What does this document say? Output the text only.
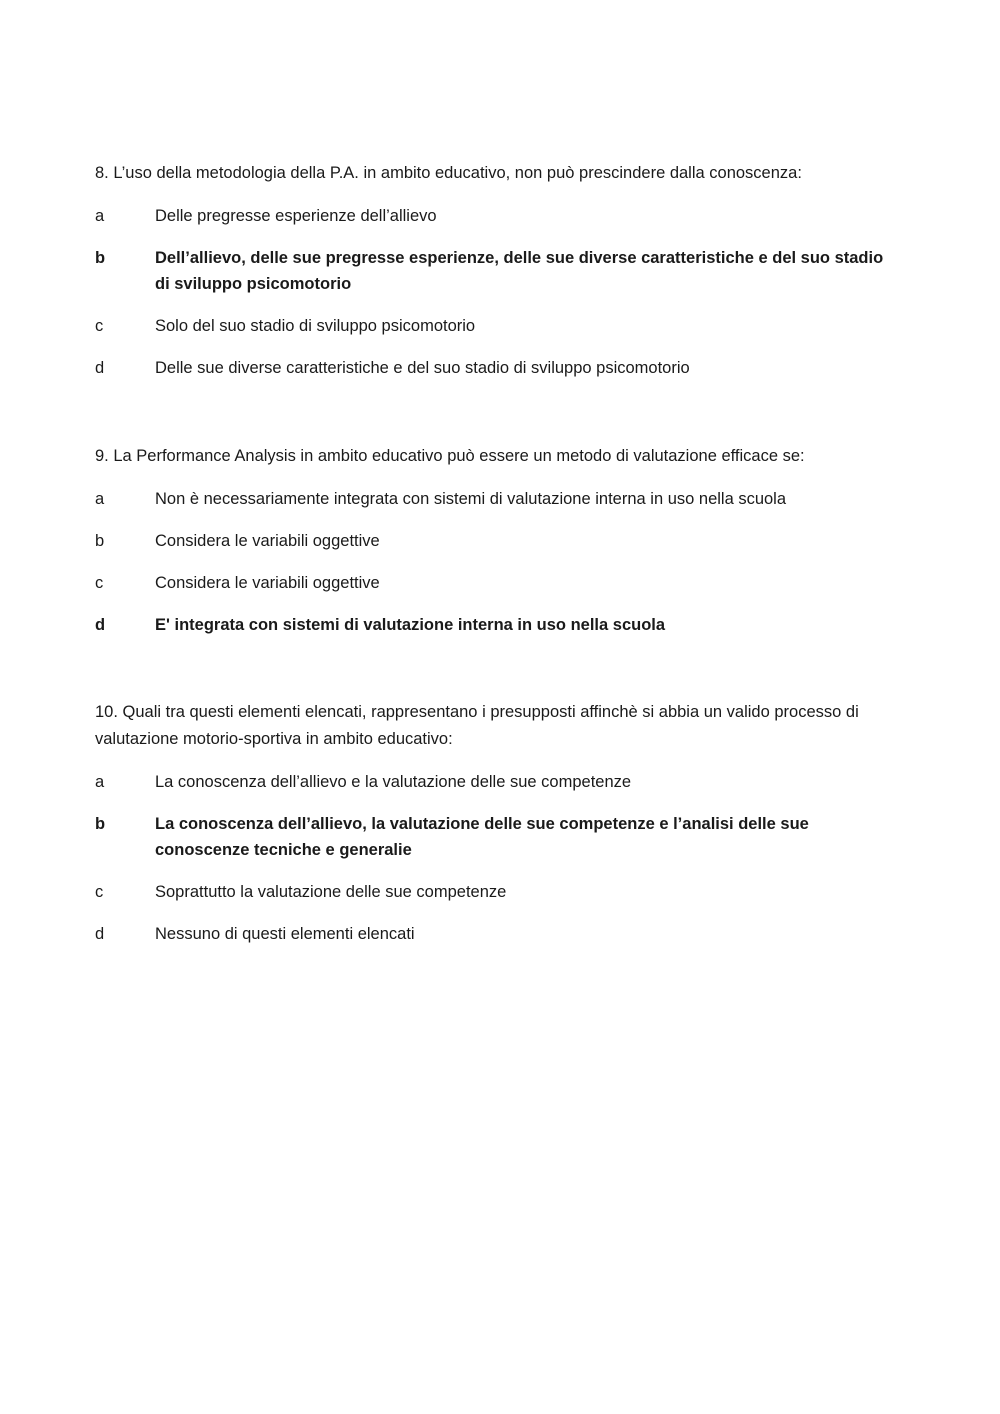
8. L’uso della metodologia della P.A. in ambito educativo, non può prescindere dalla conoscenza:

a	Delle pregresse esperienze dell’allievo

b	Dell’allievo, delle sue pregresse esperienze, delle sue diverse caratteristiche e del suo stadio di sviluppo psicomotorio

c	Solo del suo stadio di sviluppo psicomotorio

d	Delle sue diverse caratteristiche e del suo stadio di sviluppo psicomotorio

9. La Performance Analysis in ambito educativo può essere un metodo di valutazione efficace se:

a	Non è necessariamente integrata con sistemi di valutazione interna in uso nella scuola

b	Considera le variabili oggettive

c	Considera le variabili oggettive

d	E' integrata con sistemi di valutazione interna in uso nella scuola

10. Quali tra questi elementi elencati, rappresentano i presupposti affinchè si abbia un valido processo di valutazione motorio-sportiva in ambito educativo:

a	La conoscenza dell’allievo e la valutazione delle sue competenze

b	La conoscenza dell’allievo, la valutazione delle sue competenze e l’analisi delle sue conoscenze tecniche e generalie

c	Soprattutto la valutazione delle sue competenze

d	Nessuno di questi elementi elencati
